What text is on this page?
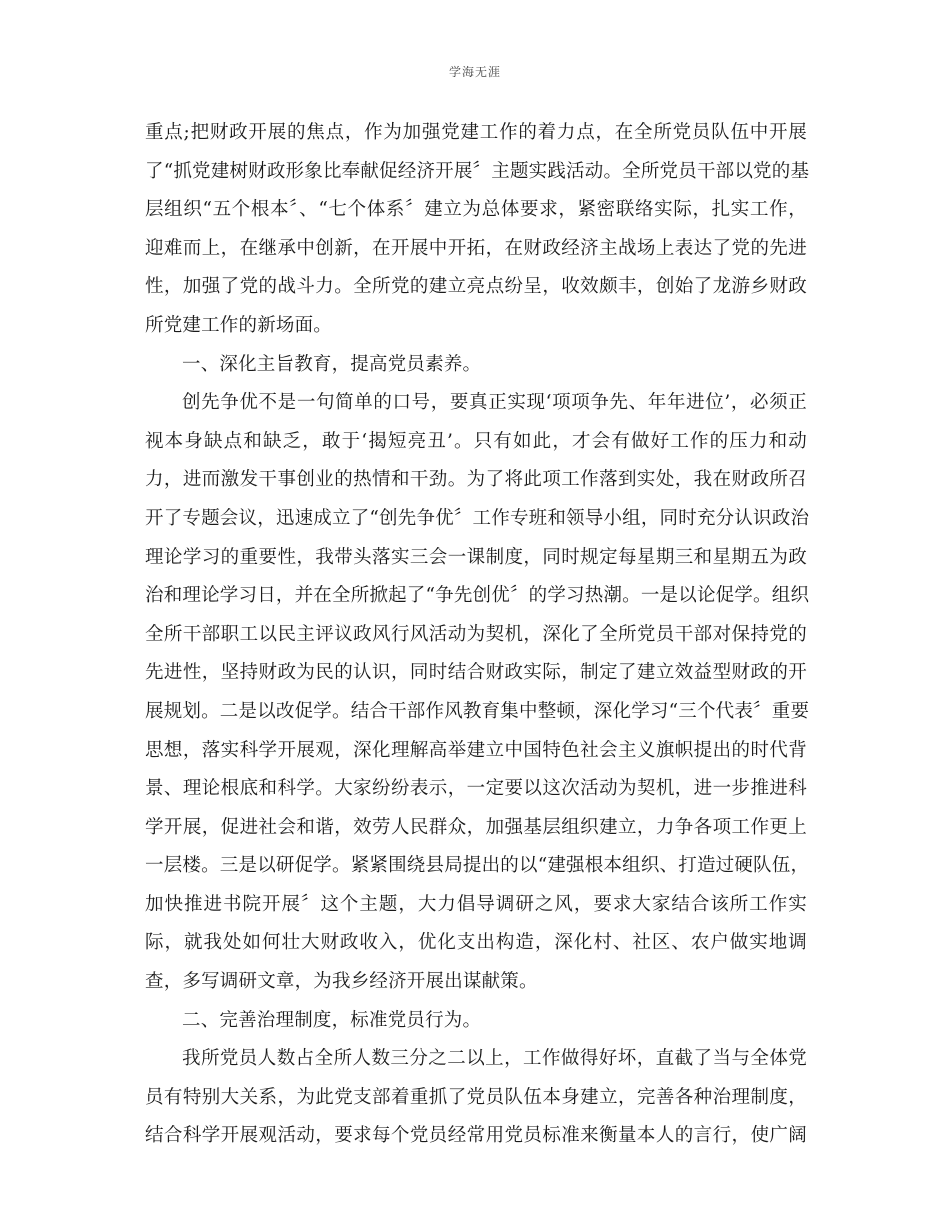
学海无涯
重点;把财政开展的焦点，作为加强党建工作的着力点，在全所党员队伍中开展
了“抓党建树财政形象比奉献促经济开展〞主题实践活动。全所党员干部以党的基
层组织“五个根本〞、“七个体系〞建立为总体要求，紧密联络实际，扎实工作，
迎难而上，在继承中创新，在开展中开拓，在财政经济主战场上表达了党的先进
性，加强了党的战斗力。全所党的建立亮点纷呈，收效颇丰，创始了龙游乡财政
所党建工作的新场面。
一、深化主旨教育，提高党员素养。
创先争优不是一句简单的口号，要真正实现‘项项争先、年年进位’，必须正
视本身缺点和缺乏，敢于‘揭短亮丑’。只有如此，才会有做好工作的压力和动
力，进而激发干事创业的热情和干劲。为了将此项工作落到实处，我在财政所召
开了专题会议，迅速成立了“创先争优〞工作专班和领导小组，同时充分认识政治
理论学习的重要性，我带头落实三会一课制度，同时规定每星期三和星期五为政
治和理论学习日，并在全所掀起了“争先创优〞的学习热潮。一是以论促学。组织
全所干部职工以民主评议政风行风活动为契机，深化了全所党员干部对保持党的
先进性，坚持财政为民的认识，同时结合财政实际，制定了建立效益型财政的开
展规划。二是以改促学。结合干部作风教育集中整顿，深化学习“三个代表〞重要
思想，落实科学开展观，深化理解高举建立中国特色社会主义旗帜提出的时代背
景、理论根底和科学。大家纷纷表示，一定要以这次活动为契机，进一步推进科
学开展，促进社会和谐，效劳人民群众，加强基层组织建立，力争各项工作更上
一层楼。三是以研促学。紧紧围绕县局提出的以“建强根本组织、打造过硬队伍，
加快推进书院开展〞这个主题，大力倡导调研之风，要求大家结合该所工作实
际，就我处如何壮大财政收入，优化支出构造，深化村、社区、农户做实地调
查，多写调研文章，为我乡经济开展出谋献策。
二、完善治理制度，标准党员行为。
我所党员人数占全所人数三分之二以上，工作做得好坏，直截了当与全体党
员有特别大关系，为此党支部着重抓了党员队伍本身建立，完善各种治理制度，
结合科学开展观活动，要求每个党员经常用党员标准来衡量本人的言行，使广阔
